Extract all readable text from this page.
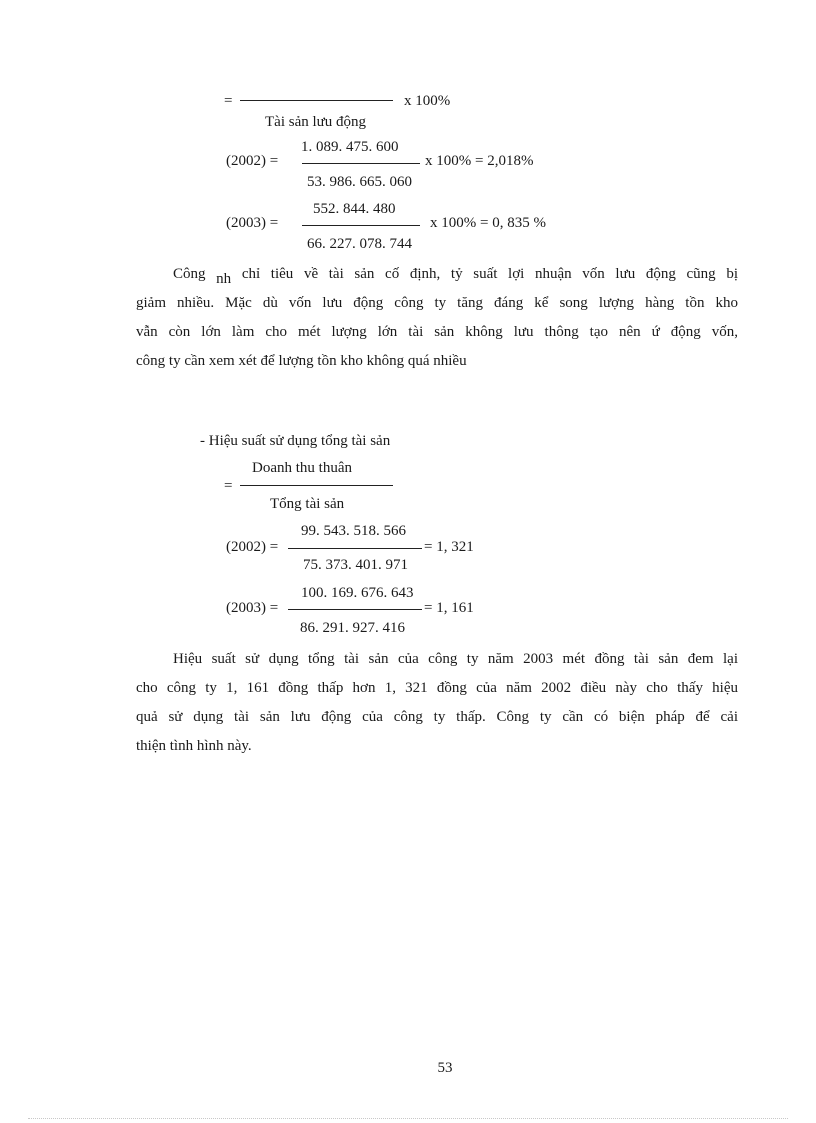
=	x 100%
Tài sản lưu động
1. 089. 475. 600
(2002) =	x 100% = 2,018%
53. 986. 665. 060
552. 844. 480
(2003) =	x 100% = 0, 835 %
66. 227. 078. 744
Công nh chỉ tiêu về tài sản cố định, tỷ suất lợi nhuận vốn lưu động cũng bị
giảm nhiều. Mặc dù vốn lưu động công ty tăng đáng kể song lượng hàng tồn kho
vẫn còn lớn làm cho mét lượng lớn tài sản không lưu thông tạo nên ứ động vốn,
công ty cần xem xét để lượng tồn kho không quá nhiều
- Hiệu suất sử dụng tổng tài sản
Doanh thu thuân
=
Tổng tài sản
99. 543. 518. 566
(2002) =	= 1, 321
75. 373. 401. 971
100. 169. 676. 643
(2003) =	= 1, 161
86. 291. 927. 416
Hiệu suất sử dụng tổng tài sản của công ty năm 2003 mét đồng tài sản đem lại
cho công ty 1, 161 đồng thấp hơn 1, 321 đồng của năm 2002 điều này cho thấy hiệu
quả sử dụng tài sản lưu động của công ty thấp. Công ty cần có biện pháp để cải
thiện tình hình này.
53
